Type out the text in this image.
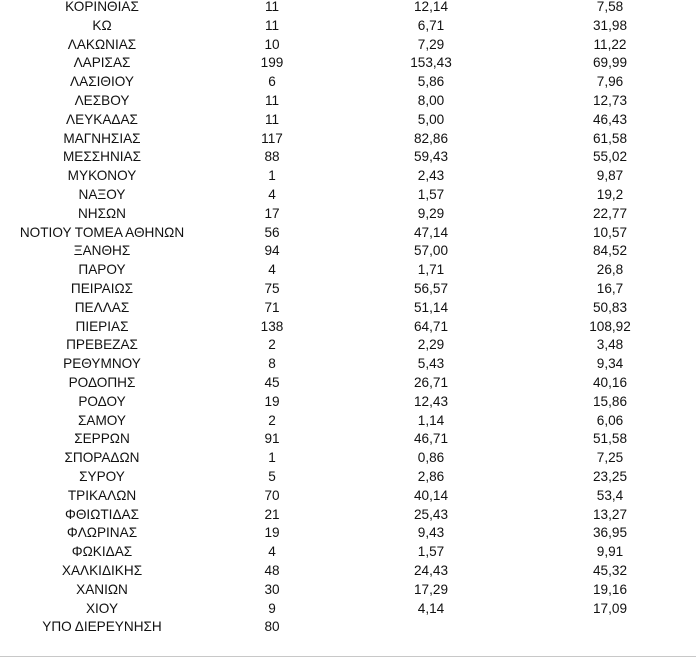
ΚΟΡΙΝΘΙΑΣ	11	12,14	7,58
ΚΩ	11	6,71	31,98
ΛΑΚΩΝΙΑΣ	10	7,29	11,22
ΛΑΡΙΣΑΣ	199	153,43	69,99
ΛΑΣΙΘΙΟΥ	6	5,86	7,96
ΛΕΣΒΟΥ	11	8,00	12,73
ΛΕΥΚΑΔΑΣ	11	5,00	46,43
ΜΑΓΝΗΣΙΑΣ	117	82,86	61,58
ΜΕΣΣΗΝΙΑΣ	88	59,43	55,02
ΜΥΚΟΝΟΥ	1	2,43	9,87
ΝΑΞΟΥ	4	1,57	19,2
ΝΗΣΩΝ	17	9,29	22,77
ΝΟΤΙΟΥ ΤΟΜΕΑ ΑΘΗΝΩΝ	56	47,14	10,57
ΞΑΝΘΗΣ	94	57,00	84,52
ΠΑΡΟΥ	4	1,71	26,8
ΠΕΙΡΑΙΩΣ	75	56,57	16,7
ΠΕΛΛΑΣ	71	51,14	50,83
ΠΙΕΡΙΑΣ	138	64,71	108,92
ΠΡΕΒΕΖΑΣ	2	2,29	3,48
ΡΕΘΥΜΝΟΥ	8	5,43	9,34
ΡΟΔΟΠΗΣ	45	26,71	40,16
ΡΟΔΟΥ	19	12,43	15,86
ΣΑΜΟΥ	2	1,14	6,06
ΣΕΡΡΩΝ	91	46,71	51,58
ΣΠΟΡΑΔΩΝ	1	0,86	7,25
ΣΥΡΟΥ	5	2,86	23,25
ΤΡΙΚΑΛΩΝ	70	40,14	53,4
ΦΘΙΩΤΙΔΑΣ	21	25,43	13,27
ΦΛΩΡΙΝΑΣ	19	9,43	36,95
ΦΩΚΙΔΑΣ	4	1,57	9,91
ΧΑΛΚΙΔΙΚΗΣ	48	24,43	45,32
ΧΑΝΙΩΝ	30	17,29	19,16
ΧΙΟΥ	9	4,14	17,09
ΥΠΟ ΔΙΕΡΕΥΝΗΣΗ	80		
